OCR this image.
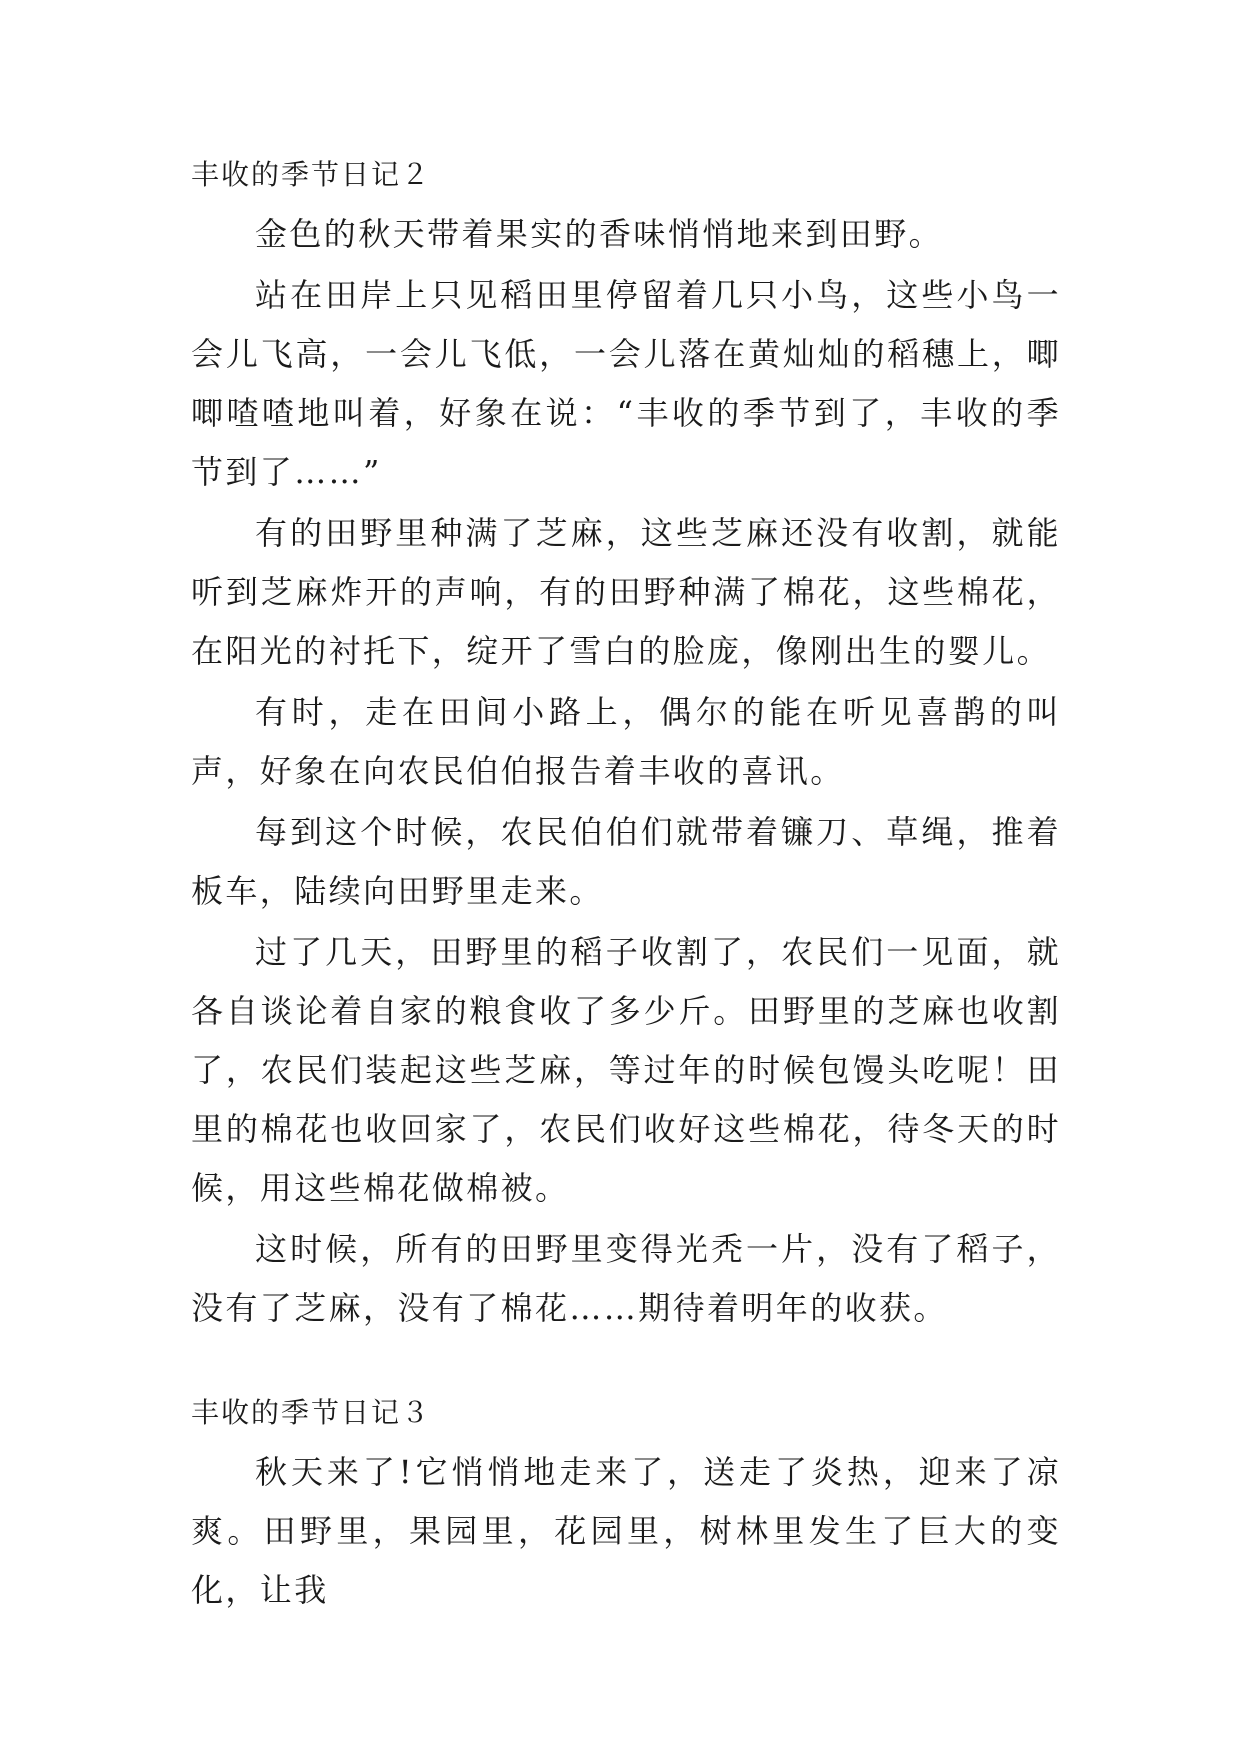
丰收的季节日记２

金色的秋天带着果实的香味悄悄地来到田野。

站在田岸上只见稻田里停留着几只小鸟，这些小鸟一会儿飞高，一会儿飞低，一会儿落在黄灿灿的稻穗上，唧唧喳喳地叫着，好象在说：“丰收的季节到了，丰收的季节到了……”

有的田野里种满了芝麻，这些芝麻还没有收割，就能听到芝麻炸开的声响，有的田野种满了棉花，这些棉花，在阳光的衬托下，绽开了雪白的脸庞，像刚出生的婴儿。

有时，走在田间小路上，偶尔的能在听见喜鹊的叫声，好象在向农民伯伯报告着丰收的喜讯。

每到这个时候，农民伯伯们就带着镰刀、草绳，推着板车，陆续向田野里走来。

过了几天，田野里的稻子收割了，农民们一见面，就各自谈论着自家的粮食收了多少斤。田野里的芝麻也收割了，农民们装起这些芝麻，等过年的时候包馒头吃呢！田里的棉花也收回家了，农民们收好这些棉花，待冬天的时候，用这些棉花做棉被。

这时候，所有的田野里变得光秃一片，没有了稻子，没有了芝麻，没有了棉花……期待着明年的收获。

丰收的季节日记３

秋天来了!它悄悄地走来了，送走了炎热，迎来了凉爽。田野里，果园里，花园里，树林里发生了巨大的变化，让我
